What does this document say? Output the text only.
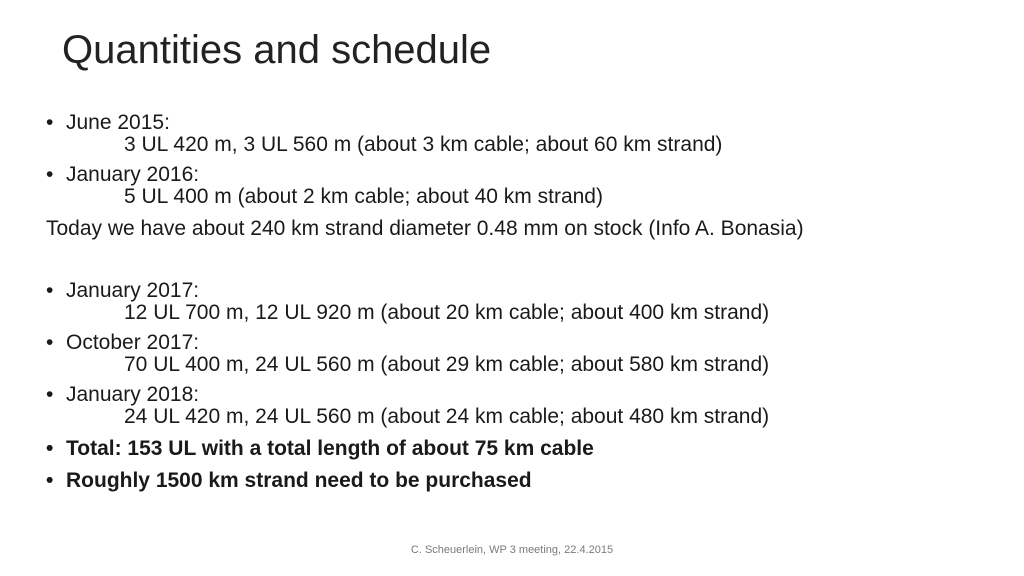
Quantities and schedule
• June 2015:
3 UL 420 m, 3 UL 560 m (about 3 km cable; about 60 km strand)
• January 2016:
5 UL 400 m (about 2 km cable; about 40 km strand)
Today we have about 240 km strand diameter 0.48 mm on stock (Info A. Bonasia)
• January 2017:
12 UL 700 m, 12 UL 920 m (about 20 km cable; about 400 km strand)
• October 2017:
70 UL 400 m, 24 UL 560 m (about 29 km cable; about 580 km strand)
• January 2018:
24 UL 420 m, 24 UL 560 m (about 24 km cable; about 480 km strand)
• Total: 153 UL with a total length of about 75 km cable
• Roughly 1500 km strand need to be purchased
C. Scheuerlein, WP 3 meeting, 22.4.2015
